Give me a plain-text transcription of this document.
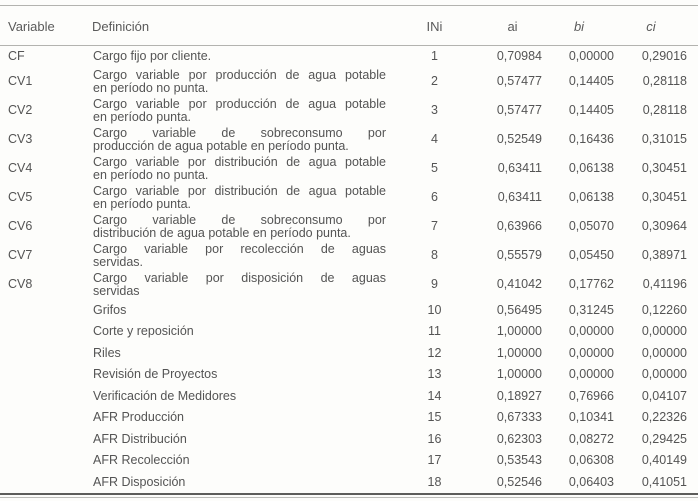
Variable	Definición	INi	ai	bi	ci
CF	Cargo fijo por cliente.	1	0,70984	0,00000	0,29016
CV1	Cargo variable por producción de agua potable
en período no punta.	2	0,57477	0,14405	0,28118
CV2	Cargo variable por producción de agua potable
en período punta.	3	0,57477	0,14405	0,28118
CV3	Cargo variable de sobreconsumo por
producción de agua potable en período punta.	4	0,52549	0,16436	0,31015
CV4	Cargo variable por distribución de agua potable
en período no punta.	5	0,63411	0,06138	0,30451
CV5	Cargo variable por distribución de agua potable
en período punta.	6	0,63411	0,06138	0,30451
CV6	Cargo variable de sobreconsumo por
distribución de agua potable en período punta.	7	0,63966	0,05070	0,30964
CV7	Cargo variable por recolección de aguas
servidas.	8	0,55579	0,05450	0,38971
CV8	Cargo variable por disposición de aguas
servidas	9	0,41042	0,17762	0,41196

	Grifos	10	0,56495	0,31245	0,12260

	Corte y reposición	11	1,00000	0,00000	0,00000

	Riles	12	1,00000	0,00000	0,00000

	Revisión de Proyectos	13	1,00000	0,00000	0,00000

	Verificación de Medidores	14	0,18927	0,76966	0,04107

	AFR Producción	15	0,67333	0,10341	0,22326

	AFR Distribución	16	0,62303	0,08272	0,29425

	AFR Recolección	17	0,53543	0,06308	0,40149

	AFR Disposición	18	0,52546	0,06403	0,41051
